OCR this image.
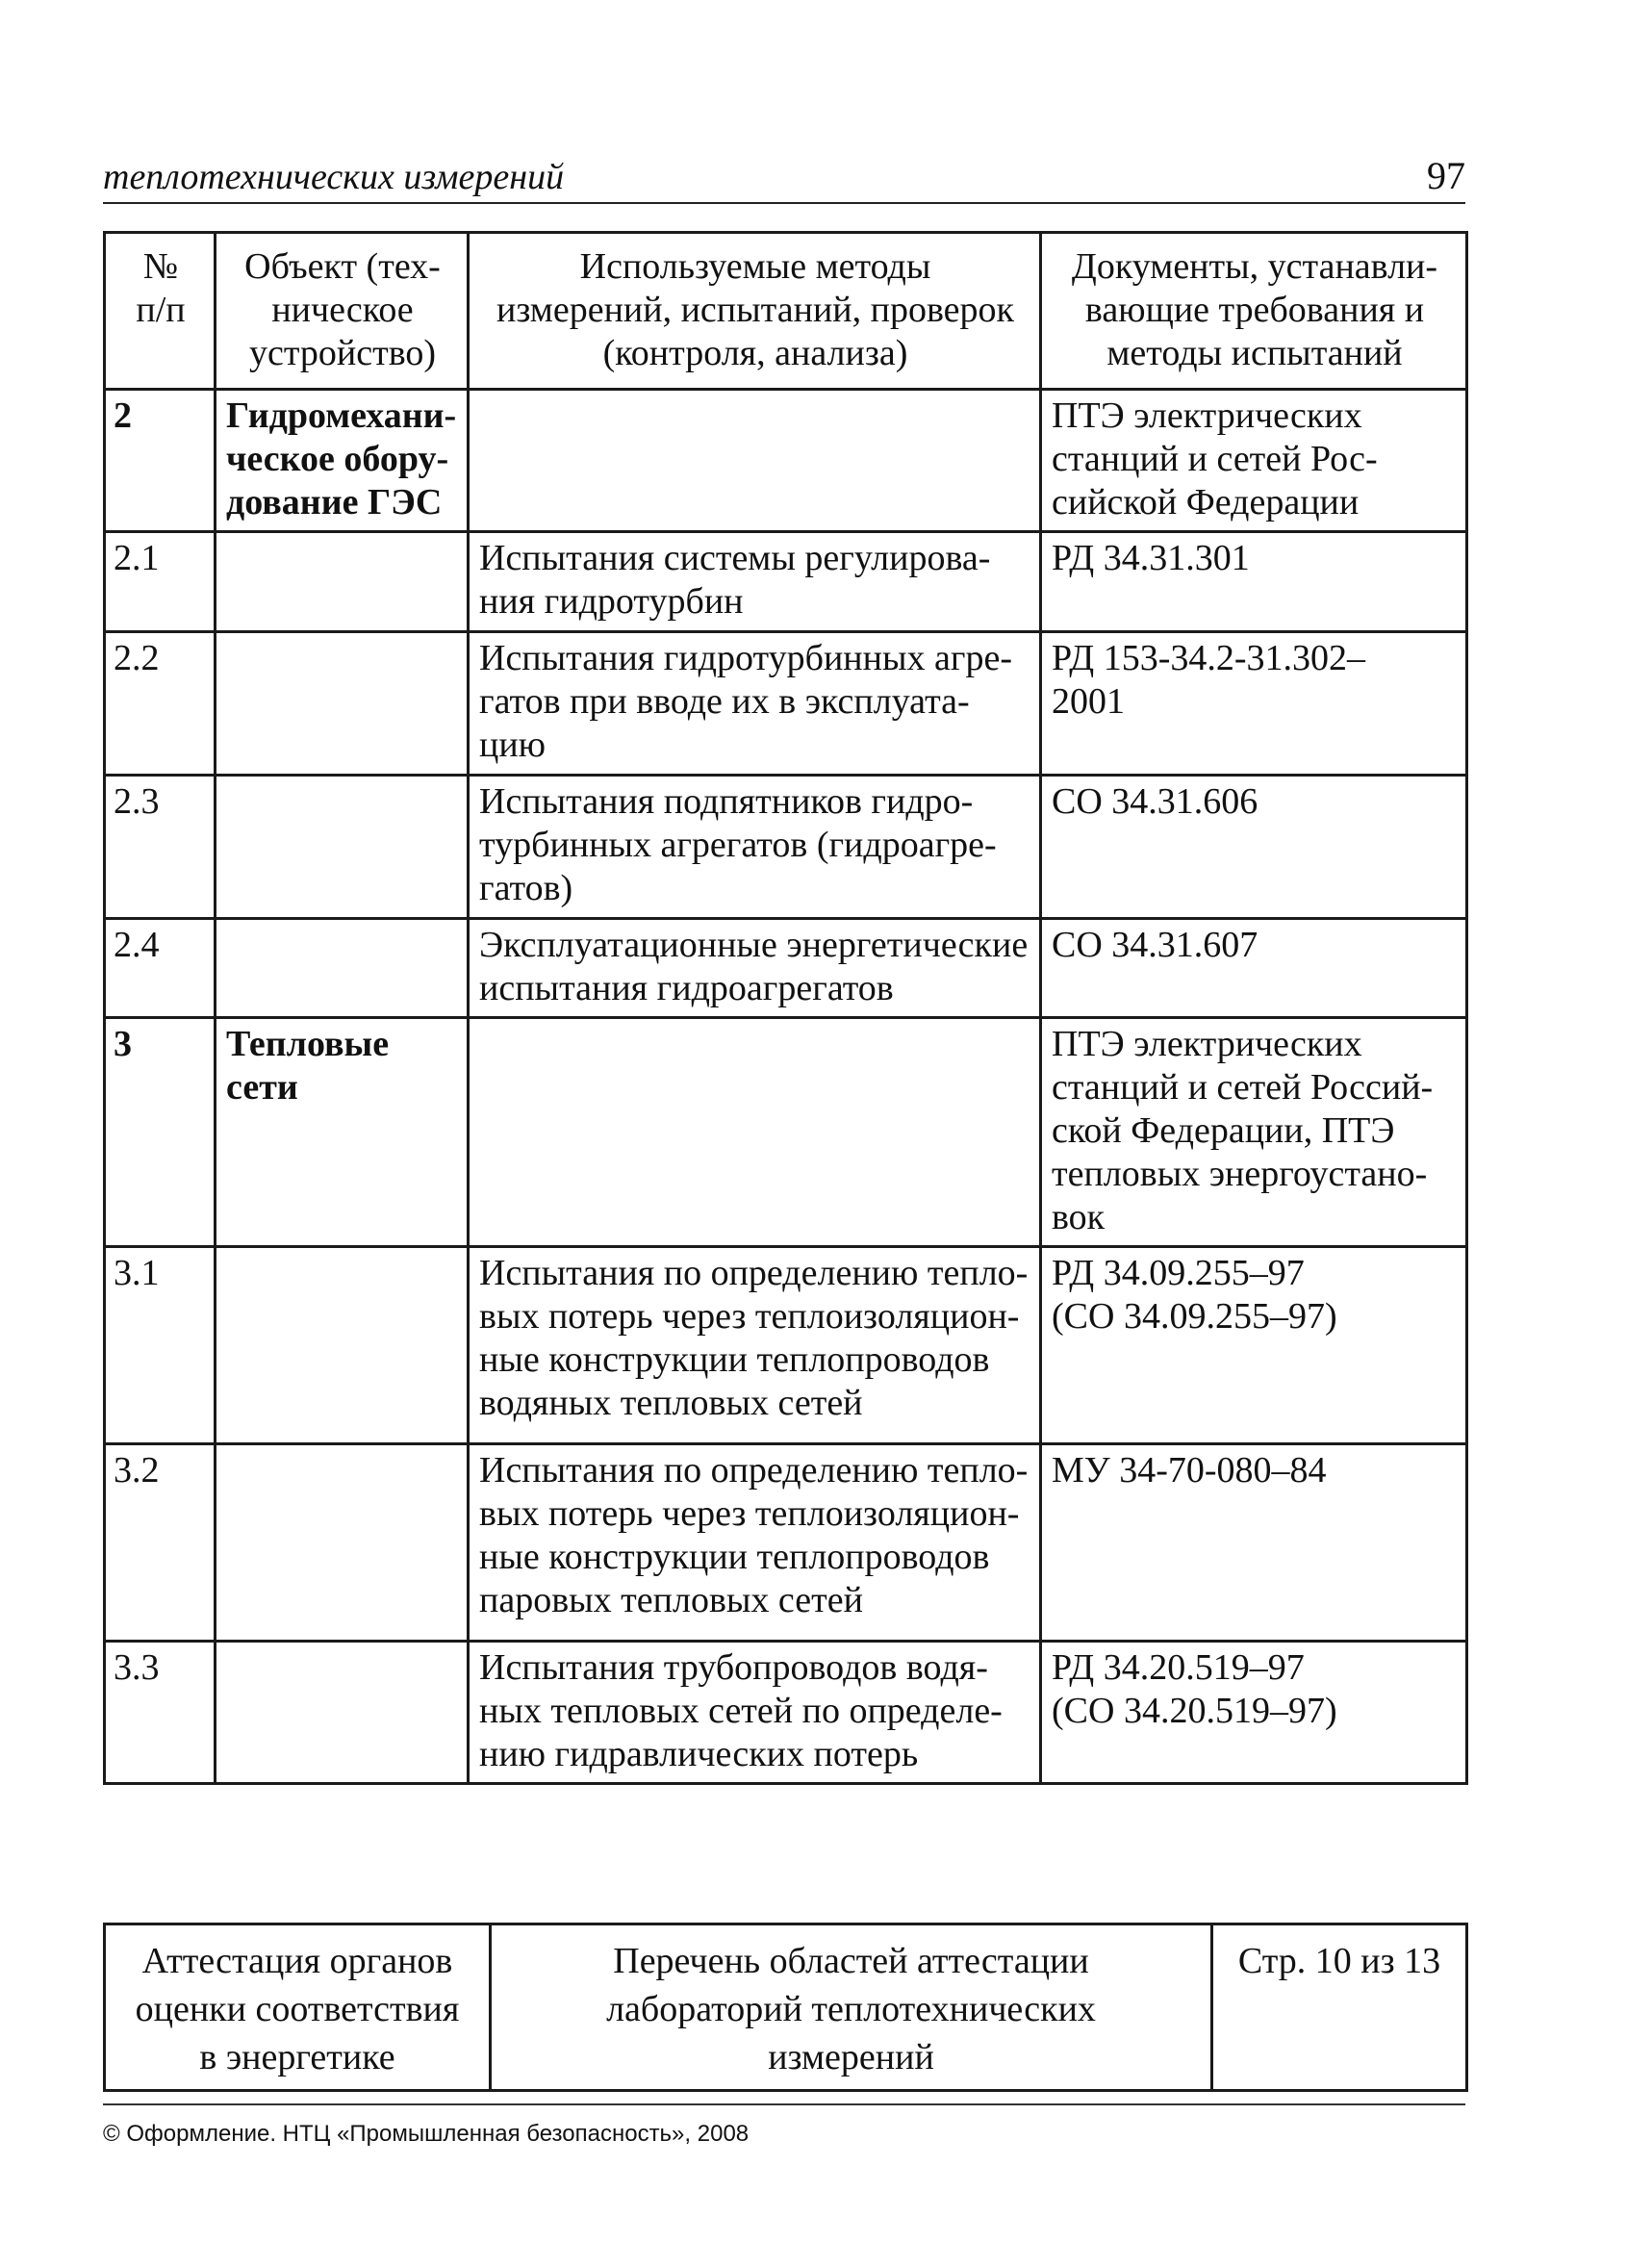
теплотехнических измерений	97
№
п/п	Объект (тех-
ническое
устройство)	Используемые методы
измерений, испытаний, проверок
(контроля, анализа)	Документы, устанавли-
вающие требования и
методы испытаний
2	Гидромехани-
ческое обору-
дование ГЭС		ПТЭ электрических
станций и сетей Рос-
сийской Федерации
2.1		Испытания системы регулирова-
ния гидротурбин	РД 34.31.301
2.2		Испытания гидротурбинных агре-
гатов при вводе их в эксплуата-
цию	РД 153-34.2-31.302–
2001
2.3		Испытания подпятников гидро-
турбинных агрегатов (гидроагре-
гатов)	СО 34.31.606
2.4		Эксплуатационные энергетические
испытания гидроагрегатов	СО 34.31.607
3	Тепловые сети		ПТЭ электрических
станций и сетей Россий-
ской Федерации, ПТЭ
тепловых энергоустано-
вок
3.1		Испытания по определению тепло-
вых потерь через теплоизоляцион-
ные конструкции теплопроводов
водяных тепловых сетей	РД 34.09.255–97
(СО 34.09.255–97)
3.2		Испытания по определению тепло-
вых потерь через теплоизоляцион-
ные конструкции теплопроводов
паровых тепловых сетей	МУ 34-70-080–84
3.3		Испытания трубопроводов водя-
ных тепловых сетей по определе-
нию гидравлических потерь	РД 34.20.519–97
(СО 34.20.519–97)
Аттестация органов
оценки соответствия
в энергетике	Перечень областей аттестации
лабораторий теплотехнических
измерений	Стр. 10 из 13
© Оформление. НТЦ «Промышленная безопасность», 2008
